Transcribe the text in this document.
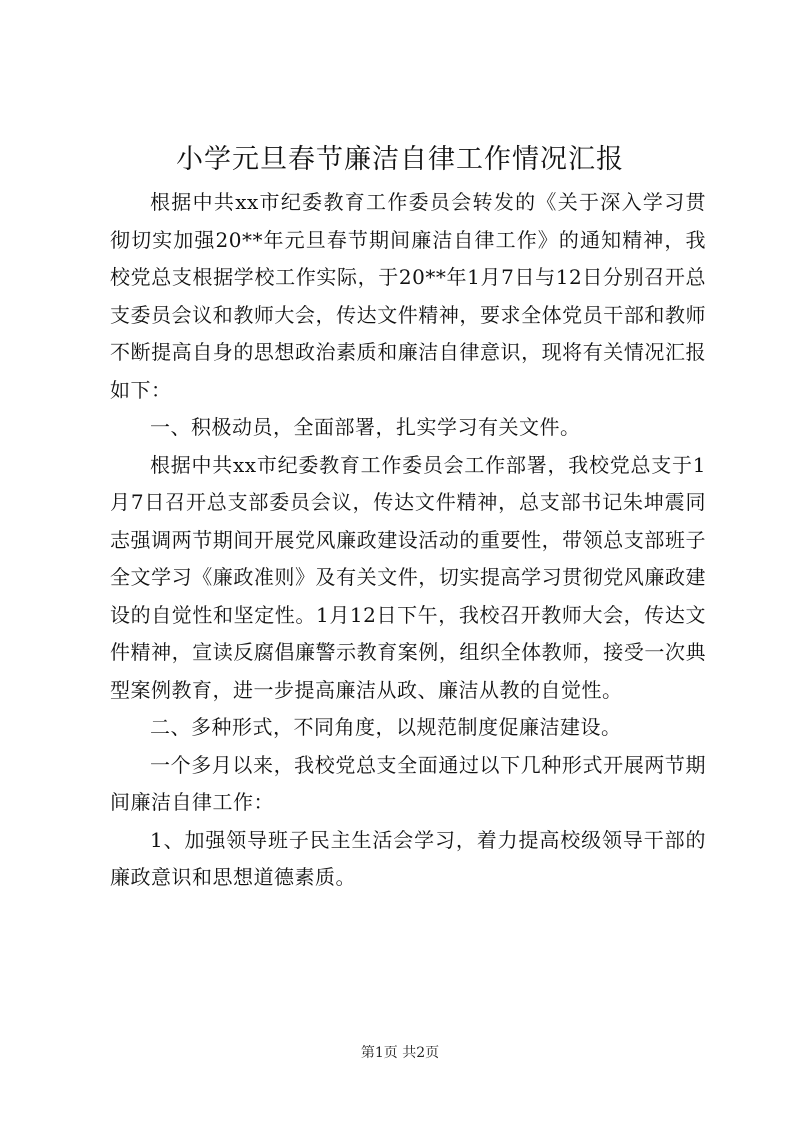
小学元旦春节廉洁自律工作情况汇报

根据中共xx市纪委教育工作委员会转发的《关于深入学习贯彻切实加强20**年元旦春节期间廉洁自律工作》的通知精神，我校党总支根据学校工作实际，于20**年1月7日与12日分别召开总支委员会议和教师大会，传达文件精神，要求全体党员干部和教师不断提高自身的思想政治素质和廉洁自律意识，现将有关情况汇报如下：

一、积极动员，全面部署，扎实学习有关文件。

根据中共xx市纪委教育工作委员会工作部署，我校党总支于1月7日召开总支部委员会议，传达文件精神，总支部书记朱坤震同志强调两节期间开展党风廉政建设活动的重要性，带领总支部班子全文学习《廉政准则》及有关文件，切实提高学习贯彻党风廉政建设的自觉性和坚定性。1月12日下午，我校召开教师大会，传达文件精神，宣读反腐倡廉警示教育案例，组织全体教师，接受一次典型案例教育，进一步提高廉洁从政、廉洁从教的自觉性。

二、多种形式，不同角度，以规范制度促廉洁建设。

一个多月以来，我校党总支全面通过以下几种形式开展两节期间廉洁自律工作：

1、加强领导班子民主生活会学习，着力提高校级领导干部的廉政意识和思想道德素质。

第1页 共2页
